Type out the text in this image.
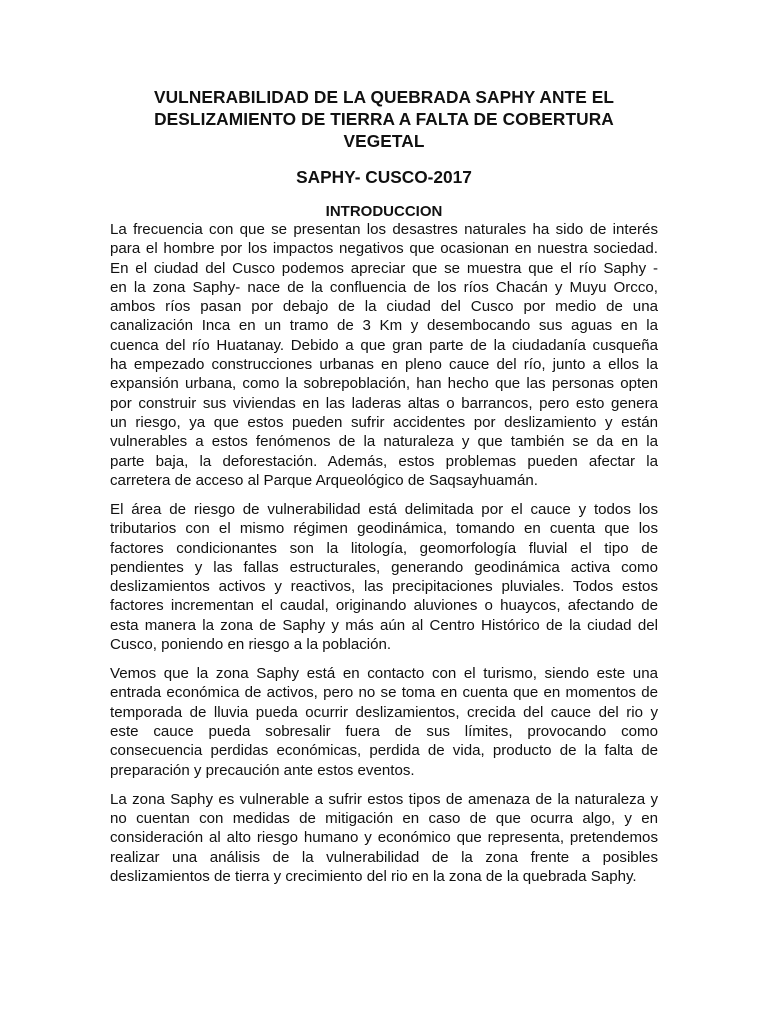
VULNERABILIDAD DE LA QUEBRADA SAPHY ANTE EL
DESLIZAMIENTO DE TIERRA A FALTA DE COBERTURA
VEGETAL
SAPHY- CUSCO-2017
INTRODUCCION

La frecuencia con que se presentan los desastres naturales ha sido de interés
para el hombre por los impactos negativos que ocasionan en nuestra sociedad.
En el ciudad del Cusco podemos apreciar que se muestra que el río Saphy -
en la zona Saphy- nace de la confluencia de los ríos Chacán y Muyu Orcco,
ambos ríos pasan por debajo de la ciudad del Cusco por medio de una
canalización Inca en un tramo de 3 Km y desembocando sus aguas en la
cuenca del río Huatanay. Debido a que gran parte de la ciudadanía cusqueña
ha empezado construcciones urbanas en pleno cauce del río, junto a ellos la
expansión urbana, como la sobrepoblación, han hecho que las personas opten
por construir sus viviendas en las laderas altas o barrancos, pero esto genera
un riesgo, ya que estos pueden sufrir accidentes por deslizamiento y están
vulnerables a estos fenómenos de la naturaleza y que también se da en la
parte baja, la deforestación. Además, estos problemas pueden afectar la
carretera de acceso al Parque Arqueológico de Saqsayhuamán.

El área de riesgo de vulnerabilidad está delimitada por el cauce y todos los
tributarios con el mismo régimen geodinámica, tomando en cuenta que los
factores condicionantes son la litología, geomorfología fluvial el tipo de
pendientes y las fallas estructurales, generando geodinámica activa como
deslizamientos activos y reactivos, las precipitaciones pluviales. Todos estos
factores incrementan el caudal, originando aluviones o huaycos, afectando de
esta manera la zona de Saphy y más aún al Centro Histórico de la ciudad del
Cusco, poniendo en riesgo a la población.

Vemos que la zona Saphy está en contacto con el turismo, siendo este una
entrada económica de activos, pero no se toma en cuenta que en momentos de
temporada de lluvia pueda ocurrir deslizamientos, crecida del cauce del rio y
este cauce pueda sobresalir fuera de sus límites, provocando como
consecuencia perdidas económicas, perdida de vida, producto de la falta de
preparación y precaución ante estos eventos.

La zona Saphy es vulnerable a sufrir estos tipos de amenaza de la naturaleza y
no cuentan con medidas de mitigación en caso de que ocurra algo, y en
consideración al alto riesgo humano y económico que representa, pretendemos
realizar una análisis de la vulnerabilidad de la zona frente a posibles
deslizamientos de tierra y crecimiento del rio en la zona de la quebrada Saphy.
